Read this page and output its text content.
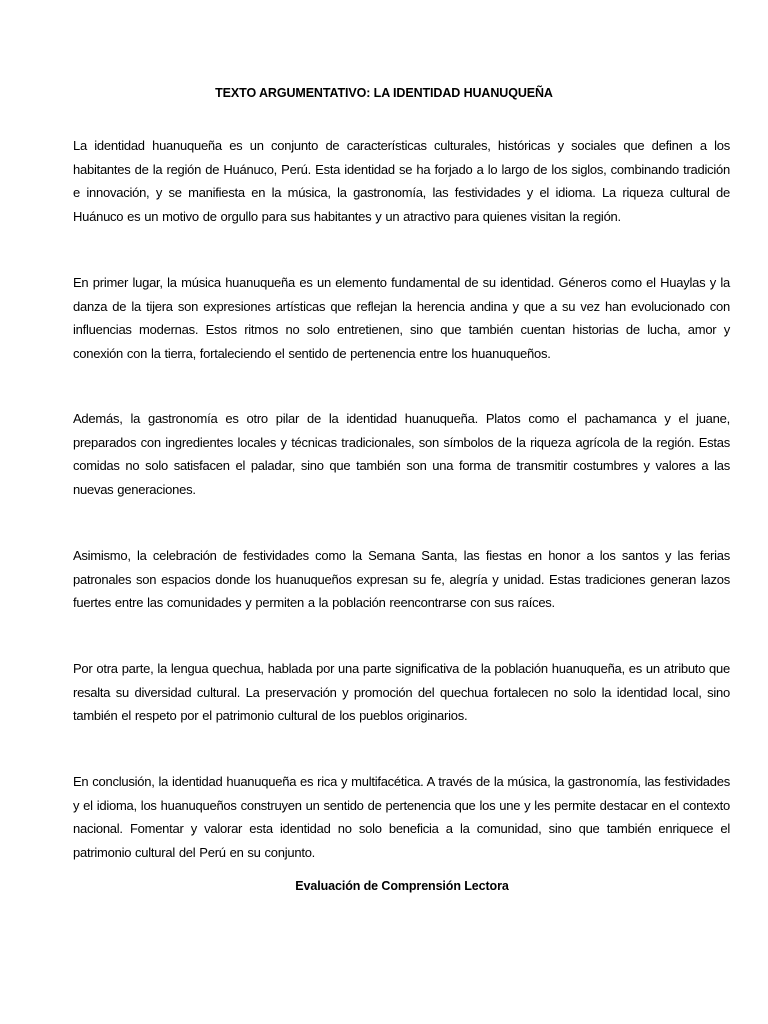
TEXTO ARGUMENTATIVO: LA IDENTIDAD HUANUQUEÑA

La identidad huanuqueña es un conjunto de características culturales, históricas y sociales que definen a los habitantes de la región de Huánuco, Perú. Esta identidad se ha forjado a lo largo de los siglos, combinando tradición e innovación, y se manifiesta en la música, la gastronomía, las festividades y el idioma. La riqueza cultural de Huánuco es un motivo de orgullo para sus habitantes y un atractivo para quienes visitan la región.

En primer lugar, la música huanuqueña es un elemento fundamental de su identidad. Géneros como el Huaylas y la danza de la tijera son expresiones artísticas que reflejan la herencia andina y que a su vez han evolucionado con influencias modernas. Estos ritmos no solo entretienen, sino que también cuentan historias de lucha, amor y conexión con la tierra, fortaleciendo el sentido de pertenencia entre los huanuqueños.

Además, la gastronomía es otro pilar de la identidad huanuqueña. Platos como el pachamanca y el juane, preparados con ingredientes locales y técnicas tradicionales, son símbolos de la riqueza agrícola de la región. Estas comidas no solo satisfacen el paladar, sino que también son una forma de transmitir costumbres y valores a las nuevas generaciones.

Asimismo, la celebración de festividades como la Semana Santa, las fiestas en honor a los santos y las ferias patronales son espacios donde los huanuqueños expresan su fe, alegría y unidad. Estas tradiciones generan lazos fuertes entre las comunidades y permiten a la población reencontrarse con sus raíces.

Por otra parte, la lengua quechua, hablada por una parte significativa de la población huanuqueña, es un atributo que resalta su diversidad cultural. La preservación y promoción del quechua fortalecen no solo la identidad local, sino también el respeto por el patrimonio cultural de los pueblos originarios.

En conclusión, la identidad huanuqueña es rica y multifacética. A través de la música, la gastronomía, las festividades y el idioma, los huanuqueños construyen un sentido de pertenencia que los une y les permite destacar en el contexto nacional. Fomentar y valorar esta identidad no solo beneficia a la comunidad, sino que también enriquece el patrimonio cultural del Perú en su conjunto.

Evaluación de Comprensión Lectora
